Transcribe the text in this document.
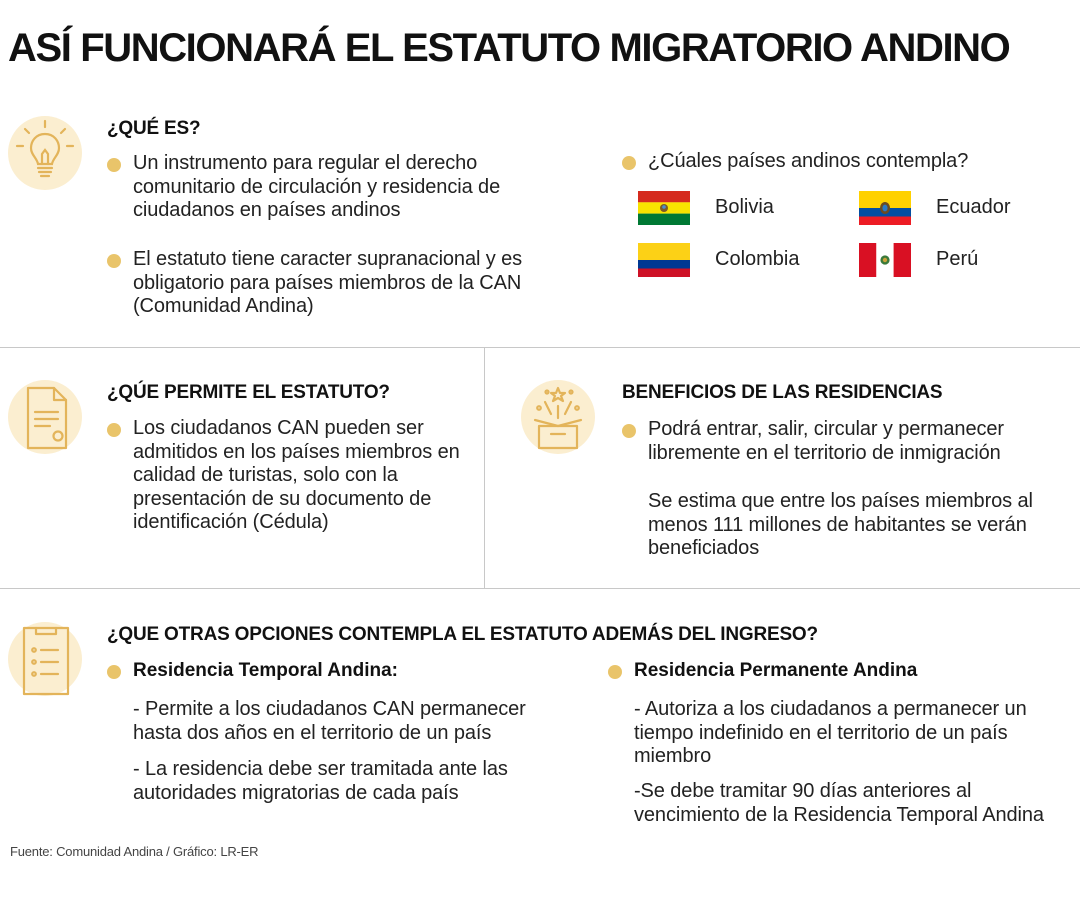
ASÍ FUNCIONARÁ EL ESTATUTO MIGRATORIO ANDINO
¿QUÉ ES?
Un instrumento para regular el derecho comunitario de circulación y residencia de ciudadanos en países andinos
El estatuto tiene caracter supranacional y es obligatorio para países miembros de la CAN (Comunidad Andina)
¿Cúales países andinos contempla?
Bolivia	Ecuador
Colombia	Perú
¿QÚE PERMITE EL ESTATUTO?
Los ciudadanos CAN pueden ser admitidos en los países miembros en calidad de turistas, solo con la presentación de su documento de identificación (Cédula)
BENEFICIOS DE LAS RESIDENCIAS
Podrá entrar, salir, circular y permanecer libremente en el territorio de inmigración
Se estima que entre los países miembros al menos 111 millones de habitantes se verán beneficiados
¿QUE OTRAS OPCIONES CONTEMPLA EL ESTATUTO ADEMÁS DEL INGRESO?
Residencia Temporal Andina:
- Permite a los ciudadanos CAN permanecer hasta dos años en el territorio de un país
- La residencia debe ser tramitada ante las autoridades migratorias de cada país
Residencia Permanente Andina
- Autoriza a los ciudadanos a permanecer un tiempo indefinido en el territorio de un país miembro
-Se debe tramitar 90 días anteriores al vencimiento de la Residencia Temporal Andina
Fuente: Comunidad Andina / Gráfico: LR-ER
